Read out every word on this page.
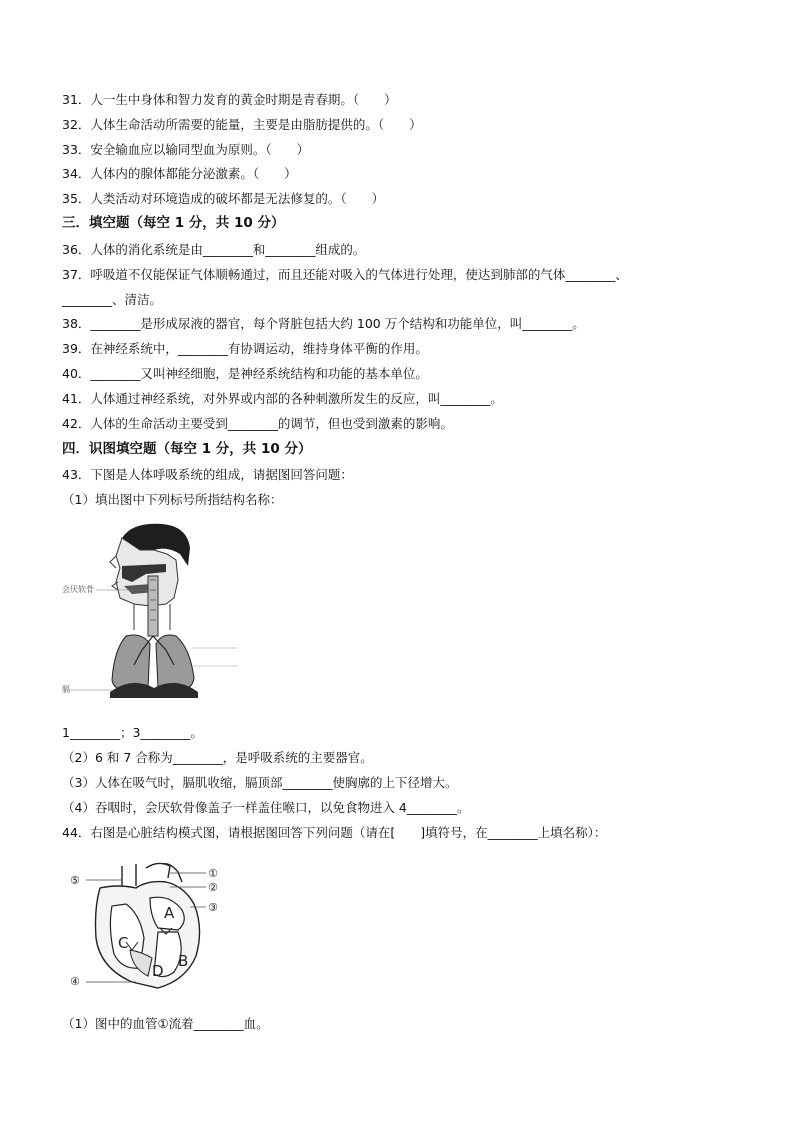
31．人一生中身体和智力发育的黄金时期是青春期。（　　）
32．人体生命活动所需要的能量，主要是由脂肪提供的。（　　）
33．安全输血应以输同型血为原则。（　　）
34．人体内的腺体都能分泌激素。（　　）
35．人类活动对环境造成的破坏都是无法修复的。（　　）
三．填空题（每空 1 分，共 10 分）
36．人体的消化系统是由________和________组成的。
37．呼吸道不仅能保证气体顺畅通过，而且还能对吸入的气体进行处理，使达到肺部的气体________、
________、清洁。
38．________是形成尿液的器官，每个肾脏包括大约 100 万个结构和功能单位，叫________。
39．在神经系统中，________有协调运动，维持身体平衡的作用。
40．________又叫神经细胞，是神经系统结构和功能的基本单位。
41．人体通过神经系统，对外界或内部的各种刺激所发生的反应，叫________。
42．人体的生命活动主要受到________的调节，但也受到激素的影响。
四．识图填空题（每空 1 分，共 10 分）
43．下图是人体呼吸系统的组成，请据图回答问题：
（1）填出图中下列标号所指结构名称：
会厌软骨
膈
1________；3________。
（2）6 和 7 合称为________，是呼吸系统的主要器官。
（3）人体在吸气时，膈肌收缩，膈顶部________使胸廓的上下径增大。
（4）吞咽时，会厌软骨像盖子一样盖住喉口，以免食物进入 4________。
44．右图是心脏结构模式图，请根据图回答下列问题（请在[　　]填符号，在________上填名称）：
⑤
①
②
③
④
A
B
C
D
（1）图中的血管①流着________血。
